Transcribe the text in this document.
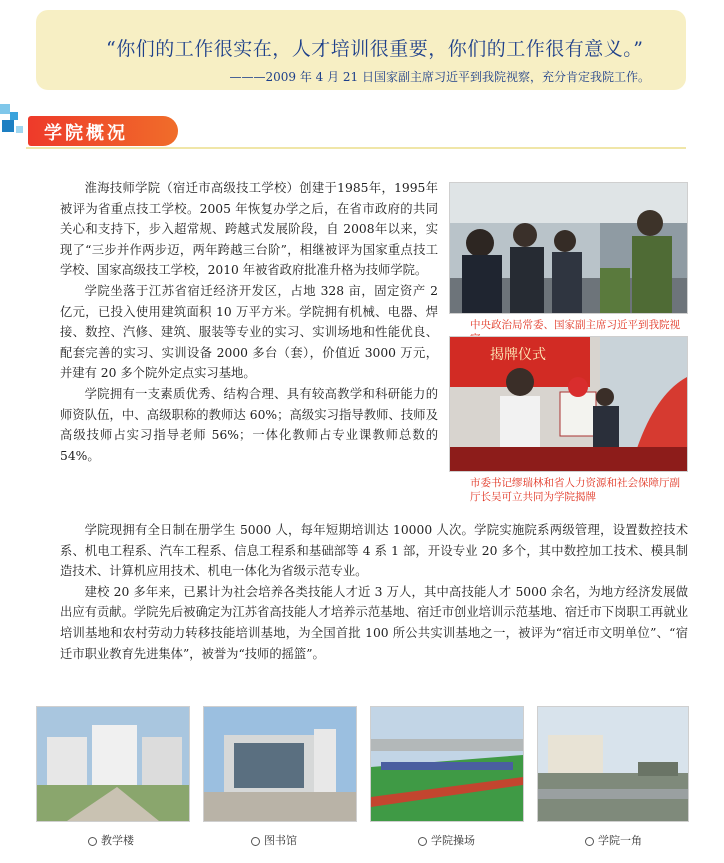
“你们的工作很实在，人才培训很重要，你们的工作很有意义。”
———2009 年 4 月 21 日国家副主席习近平到我院视察，充分肯定我院工作。
学院概况

淮海技师学院（宿迁市高级技工学校）创建于1985年，1995年被评为省重点技工学校。2005 年恢复办学之后，在省市政府的共同关心和支持下，步入超常规、跨越式发展阶段，自 2008年以来，实现了“三步并作两步迈，两年跨越三台阶”，相继被评为国家重点技工学校、国家高级技工学校，2010 年被省政府批准升格为技师学院。

学院坐落于江苏省宿迁经济开发区，占地 328 亩，固定资产 2 亿元，已投入使用建筑面积 10 万平方米。学院拥有机械、电器、焊接、数控、汽修、建筑、服装等专业的实习、实训场地和性能优良、配套完善的实习、实训设备 2000 多台（套），价值近 3000 万元，并建有 20 多个院外定点实习基地。

学院拥有一支素质优秀、结构合理、具有较高教学和科研能力的师资队伍，中、高级职称的教师达 60%；高级实习指导教师、技师及高级技师占实习指导老师 56%；一体化教师占专业课教师总数的 54%。

中央政治局常委、国家副主席习近平到我院视
揭牌仪式
市委书记缪瑞林和省人力资源和社会保障厅副厅长吴可立共同为学院揭牌

学院现拥有全日制在册学生 5000 人，每年短期培训达 10000 人次。学院实施院系两级管理，设置数控技术系、机电工程系、汽车工程系、信息工程系和基础部等 4 系 1 部，开设专业 20 多个，其中数控加工技术、模具制造技术、计算机应用技术、机电一体化为省级示范专业。

建校 20 多年来，已累计为社会培养各类技能人才近 3 万人，其中高技能人才 5000 余名，为地方经济发展做出应有贡献。学院先后被确定为江苏省高技能人才培养示范基地、宿迁市创业培训示范基地、宿迁市下岗职工再就业培训基地和农村劳动力转移技能培训基地，为全国首批 100 所公共实训基地之一，被评为“宿迁市文明单位”、“宿迁市职业教育先进集体”，被誉为“技师的摇篮”。

教学楼	图书馆	学院操场	学院一角
